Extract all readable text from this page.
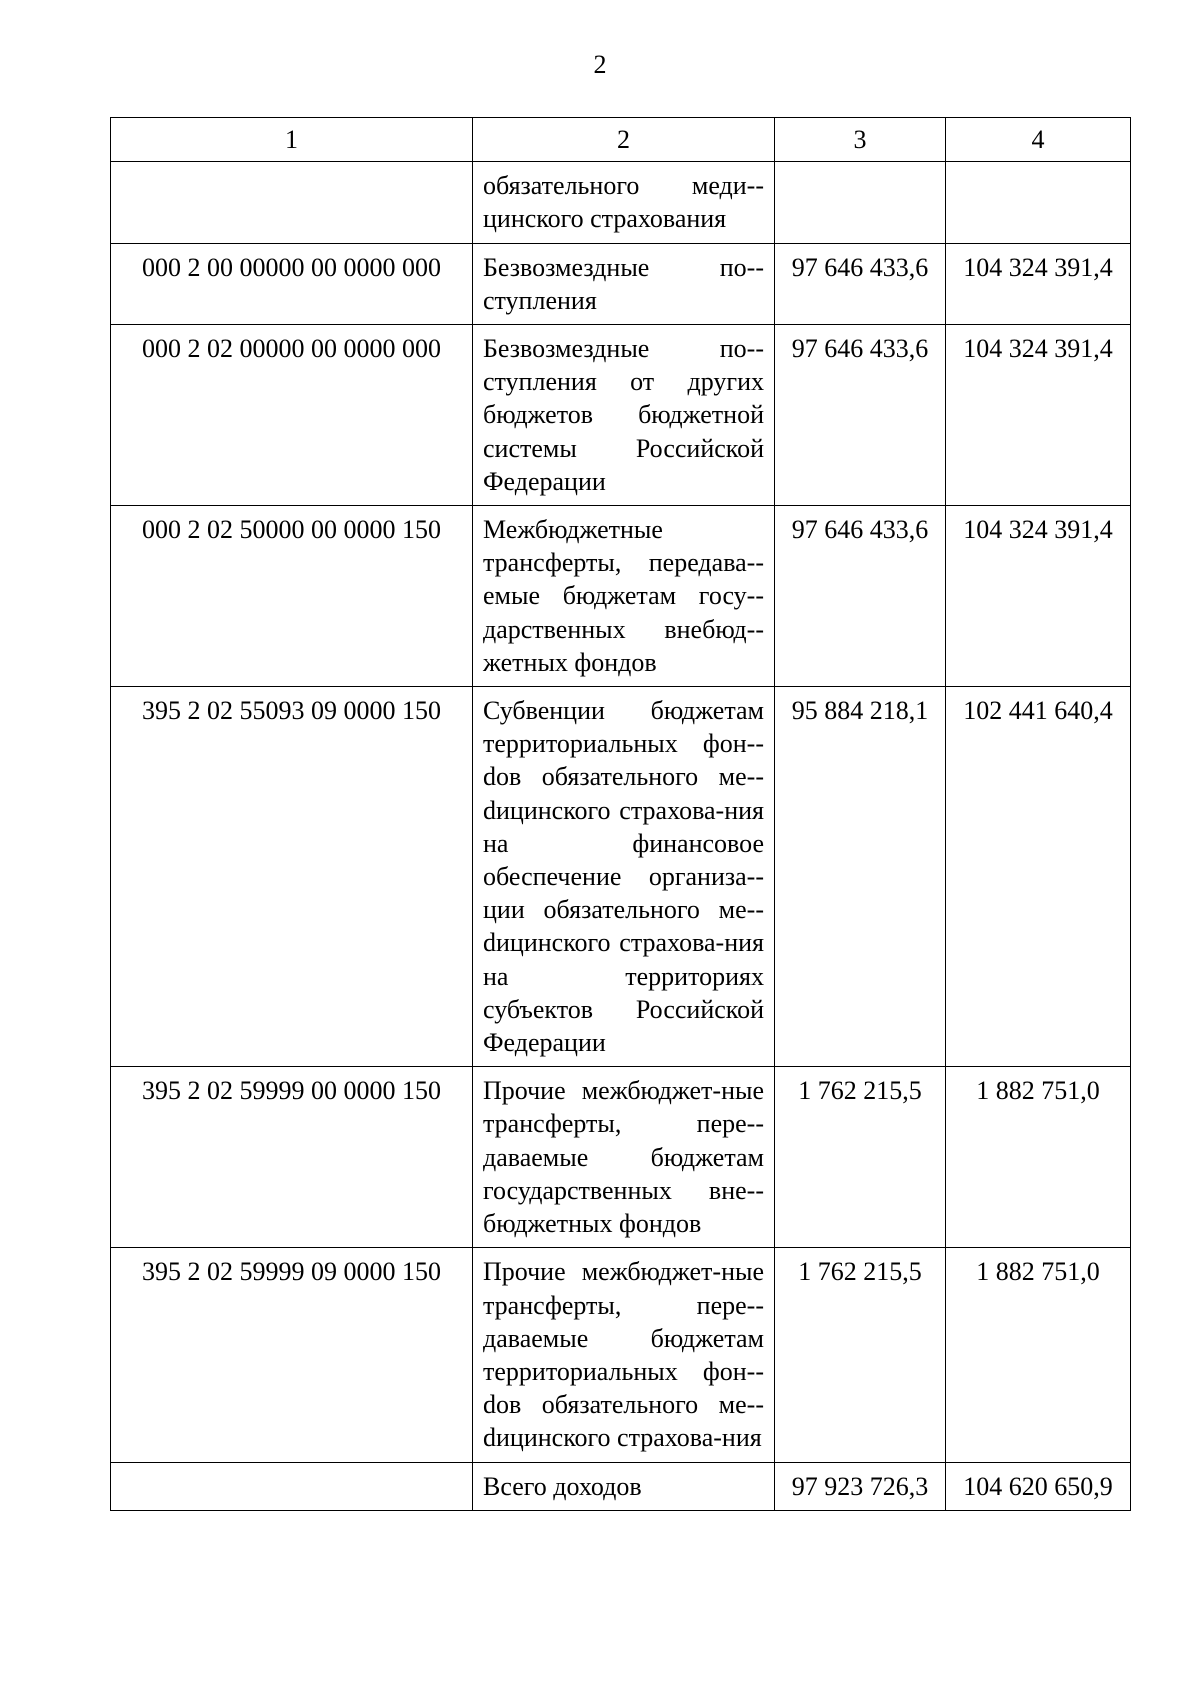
2
1	2	3	4
	обязательного меди-цинского страхования		
000 2 00 00000 00 0000 000	Безвозмездные по-ступления	97 646 433,6	104 324 391,4
000 2 02 00000 00 0000 000	Безвозмездные по-ступления от других бюджетов бюджетной системы Российской Федерации	97 646 433,6	104 324 391,4
000 2 02 50000 00 0000 150	Межбюджетные трансферты, передава-емые бюджетам госу-дарственных внебюд-жетных фондов	97 646 433,6	104 324 391,4
395 2 02 55093 09 0000 150	Субвенции бюджетам территориальных фон-dов обязательного ме-dицинского страхова-ния на финансовое обеспечение организа-ции обязательного ме-dицинского страхова-ния на территориях субъектов Российской Федерации	95 884 218,1	102 441 640,4
395 2 02 59999 00 0000 150	Прочие межбюджет-ные трансферты, пере-даваемые бюджетам государственных вне-бюджетных фондов	1 762 215,5	1 882 751,0
395 2 02 59999 09 0000 150	Прочие межбюджет-ные трансферты, пере-даваемые бюджетам территориальных фон-dов обязательного ме-dицинского страхова-ния	1 762 215,5	1 882 751,0
	Всего доходов	97 923 726,3	104 620 650,9
